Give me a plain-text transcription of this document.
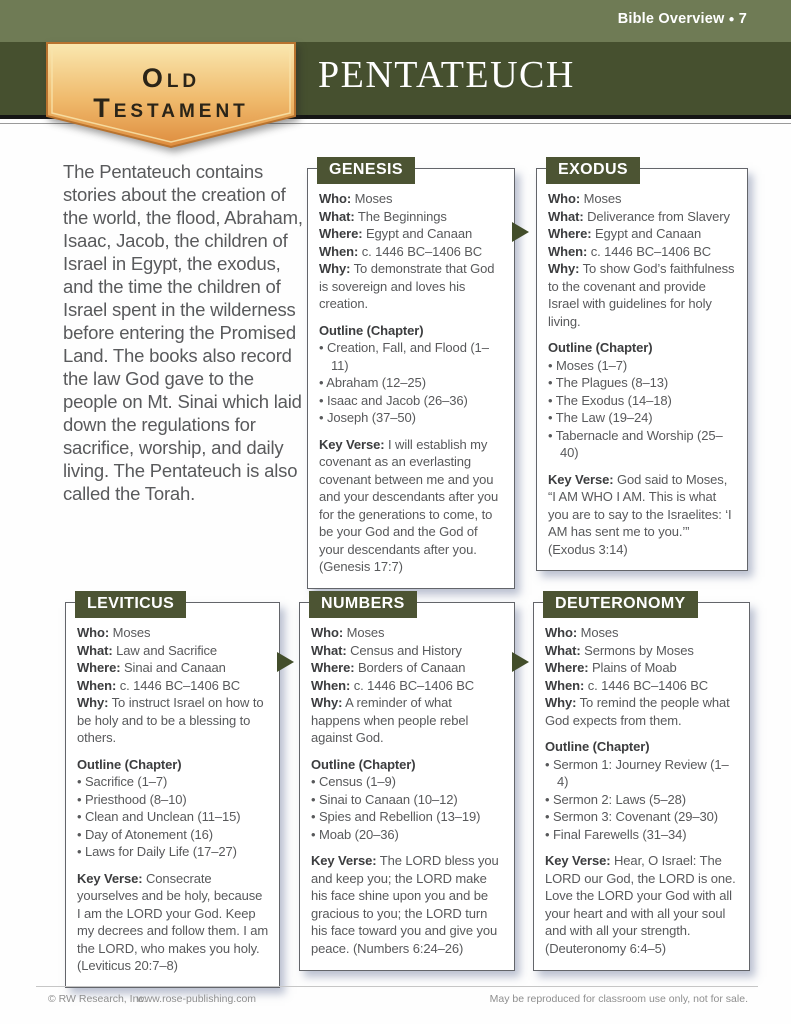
Bible Overview ● 7
PENTATEUCH
Old
Testament

The Pentateuch contains stories about the creation of the world, the flood, Abraham, Isaac, Jacob, the children of Israel in Egypt, the exodus, and the time the children of Israel spent in the wilderness before entering the Promised Land. The books also record the law God gave to the people on Mt. Sinai which laid down the regulations for sacrifice, worship, and daily living. The Pentateuch is also called the Torah.

GENESIS

Who: Moses

What: The Beginnings

Where: Egypt and Canaan

When: c. 1446 BC–1406 BC

Why: To demonstrate that God is sovereign and loves his creation.

Outline (Chapter)

• Creation, Fall, and Flood (1–11)
• Abraham (12–25)
• Isaac and Jacob (26–36)
• Joseph (37–50)

Key Verse: I will establish my covenant as an everlasting covenant between me and you and your descendants after you for the generations to come, to be your God and the God of your descendants after you. (Genesis 17:7)

EXODUS

Who: Moses

What: Deliverance from Slavery

Where: Egypt and Canaan

When: c. 1446 BC–1406 BC

Why: To show God’s faithfulness to the covenant and provide Israel with guidelines for holy living.

Outline (Chapter)

• Moses (1–7)
• The Plagues (8–13)
• The Exodus (14–18)
• The Law (19–24)
• Tabernacle and Worship (25–40)

Key Verse: God said to Moses, “I AM WHO I AM. This is what you are to say to the Israelites: ‘I AM has sent me to you.’” (Exodus 3:14)

LEVITICUS

Who: Moses

What: Law and Sacrifice

Where: Sinai and Canaan

When: c. 1446 BC–1406 BC

Why: To instruct Israel on how to be holy and to be a blessing to others.

Outline (Chapter)

• Sacrifice (1–7)
• Priesthood (8–10)
• Clean and Unclean (11–15)
• Day of Atonement (16)
• Laws for Daily Life (17–27)

Key Verse: Consecrate yourselves and be holy, because I am the LORD your God. Keep my decrees and follow them. I am the LORD, who makes you holy. (Leviticus 20:7–8)

NUMBERS

Who: Moses

What: Census and History

Where: Borders of Canaan

When: c. 1446 BC–1406 BC

Why: A reminder of what happens when people rebel against God.

Outline (Chapter)

• Census (1–9)
• Sinai to Canaan (10–12)
• Spies and Rebellion (13–19)
• Moab (20–36)

Key Verse: The LORD bless you and keep you; the LORD make his face shine upon you and be gracious to you; the LORD turn his face toward you and give you peace. (Numbers 6:24–26)

DEUTERONOMY

Who: Moses

What: Sermons by Moses

Where: Plains of Moab

When: c. 1446 BC–1406 BC

Why: To remind the people what God expects from them.

Outline (Chapter)

• Sermon 1: Journey Review (1–4)
• Sermon 2: Laws (5–28)
• Sermon 3: Covenant (29–30)
• Final Farewells (31–34)

Key Verse: Hear, O Israel: The LORD our God, the LORD is one. Love the LORD your God with all your heart and with all your soul and with all your strength. (Deuteronomy 6:4–5)

© RW Research, Inc.
www.rose-publishing.com	May be reproduced for classroom use only, not for sale.
